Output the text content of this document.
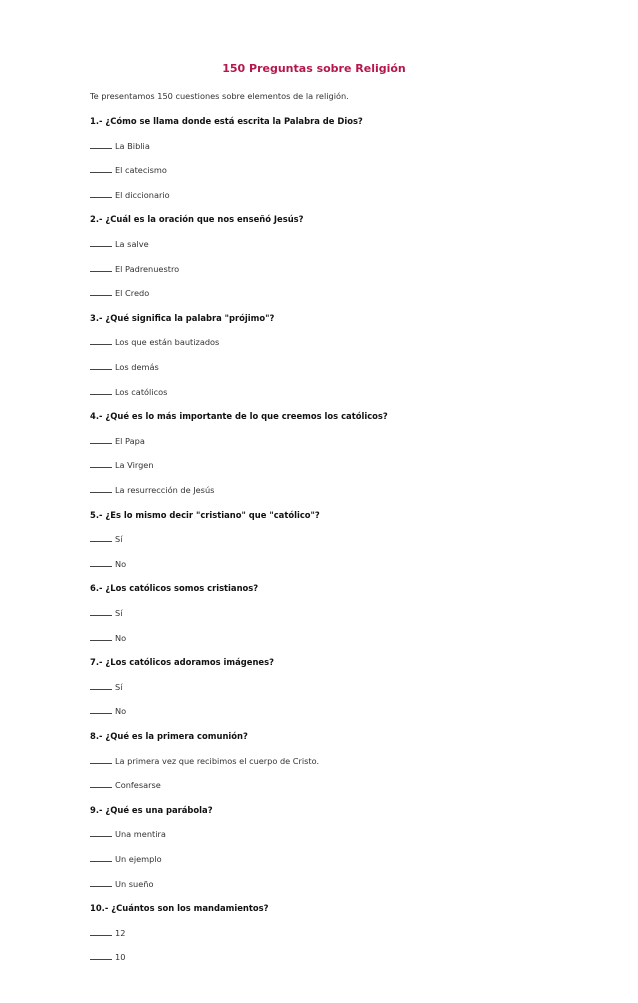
150 Preguntas sobre Religión
Te presentamos 150 cuestiones sobre elementos de la religión.
1.- ¿Cómo se llama donde está escrita la Palabra de Dios?
La Biblia
El catecismo
El diccionario
2.- ¿Cuál es la oración que nos enseñó Jesús?
La salve
El Padrenuestro
El Credo
3.- ¿Qué significa la palabra "prójimo"?
Los que están bautizados
Los demás
Los católicos
4.- ¿Qué es lo más importante de lo que creemos los católicos?
El Papa
La Virgen
La resurrección de Jesús
5.- ¿Es lo mismo decir "cristiano" que "católico"?
Sí
No
6.- ¿Los católicos somos cristianos?
Sí
No
7.- ¿Los católicos adoramos imágenes?
Sí
No
8.- ¿Qué es la primera comunión?
La primera vez que recibimos el cuerpo de Cristo.
Confesarse
9.- ¿Qué es una parábola?
Una mentira
Un ejemplo
Un sueño
10.- ¿Cuántos son los mandamientos?
12
10
